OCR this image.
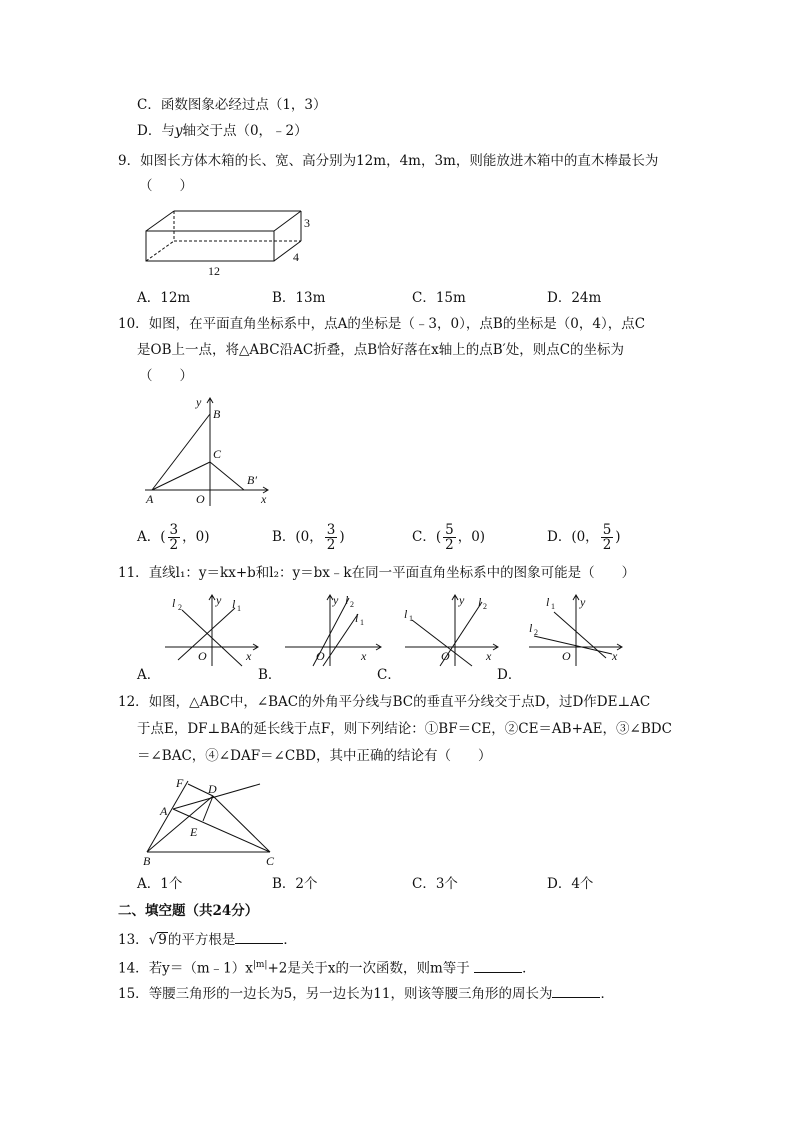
C．函数图象必经过点（1，3）
D．与y轴交于点（0，﹣2）
9．如图长方体木箱的长、宽、高分别为12m，4m，3m，则能放进木箱中的直木棒最长为
（　　）
3
4
12
A．12m	B．13m	C．15m	D．24m
10．如图，在平面直角坐标系中，点A的坐标是（﹣3，0），点B的坐标是（0，4），点C
是OB上一点，将△ABC沿AC折叠，点B恰好落在x轴上的点B′处，则点C的坐标为
（　　）
y
B
C
B′
A	O	x
A．( $\frac{3}{2}$ ，0)	B．(0， $\frac{3}{2}$ )	C．( $\frac{5}{2}$ ，0)	D．(0， $\frac{5}{2}$ )
11．直线l₁：y＝kx+b和l₂：y＝bx﹣k在同一平面直角坐标系中的图象可能是（　　）
l 2
y l 1
O	x
A．
y l 2
l 1
O	x
B．
y l 2
l 1
O	x
C．
l 1 y
l 2
O	x
D．
12．如图，△ABC中，∠BAC的外角平分线与BC的垂直平分线交于点D，过D作DE⊥AC
于点E，DF⊥BA的延长线于点F，则下列结论：①BF＝CE，②CE＝AB+AE，③∠BDC
＝∠BAC，④∠DAF＝∠CBD，其中正确的结论有（　　）
F D
A
E
B	C
A．1个	B．2个	C．3个	D．4个
二、填空题（共24分）
13．√9的平方根是	．
14．若$y=(m﹣1)x^{|m|}+2$是关于x的一次函数，则m等于	．
15．等腰三角形的一边长为5，另一边长为11，则该等腰三角形的周长为	．
